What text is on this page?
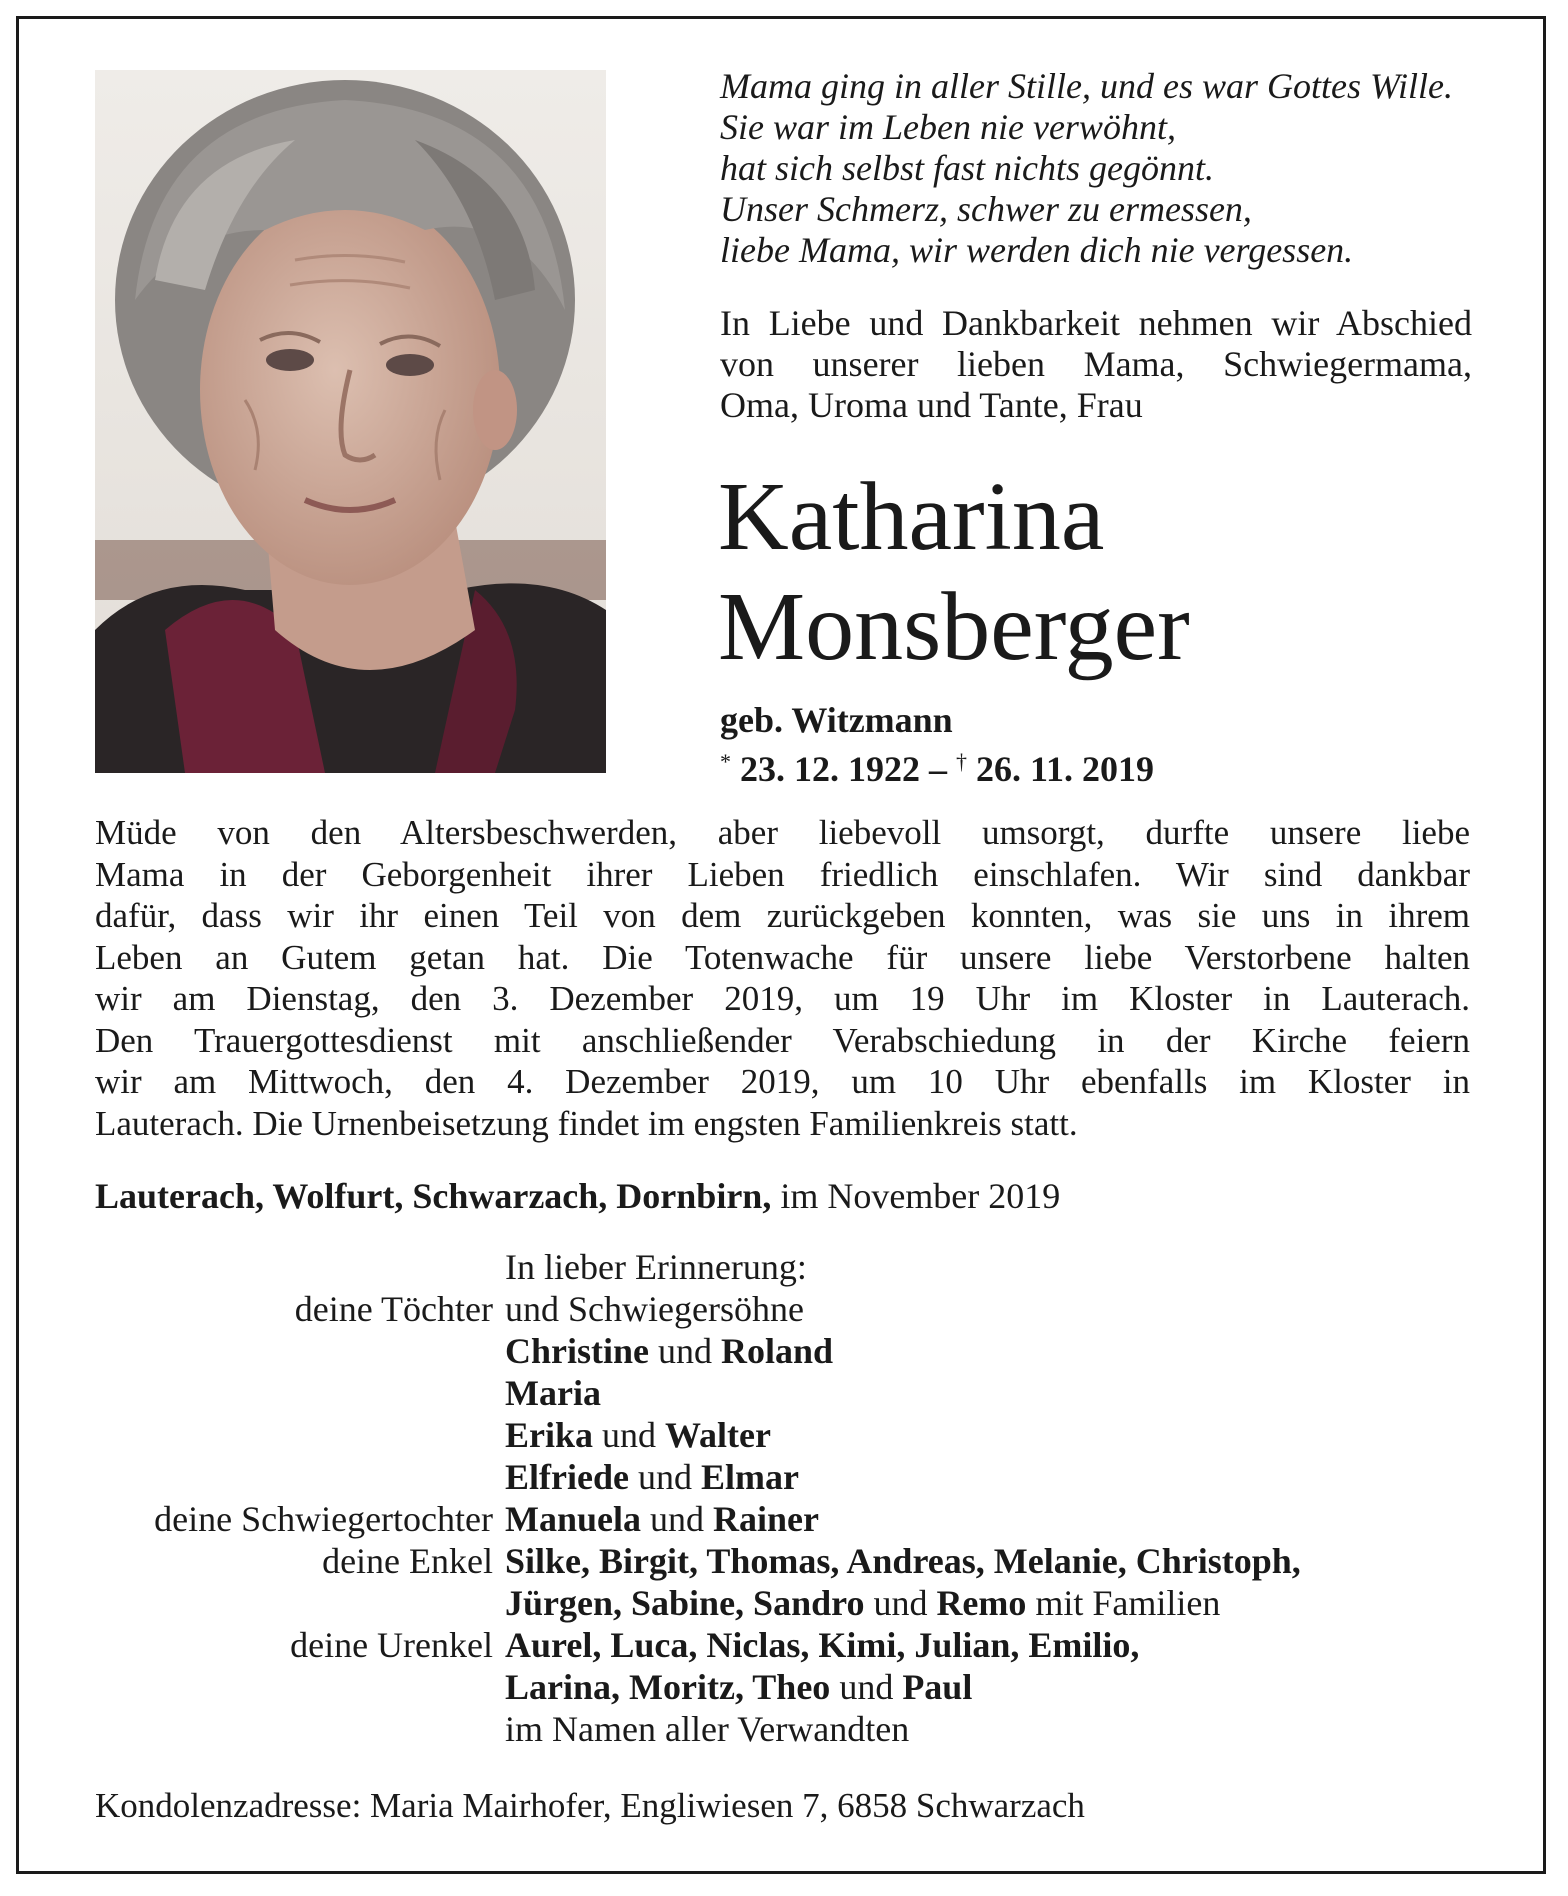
Mama ging in aller Stille, und es war Gottes Wille.
Sie war im Leben nie verwöhnt,
hat sich selbst fast nichts gegönnt.
Unser Schmerz, schwer zu ermessen,
liebe Mama, wir werden dich nie vergessen.
In Liebe und Dankbarkeit nehmen wir Abschied
von unserer lieben Mama, Schwiegermama,
Oma, Uroma und Tante, Frau
Katharina
Monsberger
geb. Witzmann
* 23. 12. 1922 – † 26. 11. 2019
Müde von den Altersbeschwerden, aber liebevoll umsorgt, durfte unsere liebe
Mama in der Geborgenheit ihrer Lieben friedlich einschlafen. Wir sind dankbar
dafür, dass wir ihr einen Teil von dem zurückgeben konnten, was sie uns in ihrem
Leben an Gutem getan hat. Die Totenwache für unsere liebe Verstorbene halten
wir am Dienstag, den 3. Dezember 2019, um 19 Uhr im Kloster in Lauterach.
Den Trauergottesdienst mit anschließender Verabschiedung in der Kirche feiern
wir am Mittwoch, den 4. Dezember 2019, um 10 Uhr ebenfalls im Kloster in
Lauterach. Die Urnenbeisetzung findet im engsten Familienkreis statt.
Lauterach, Wolfurt, Schwarzach, Dornbirn, im November 2019
In lieber Erinnerung:
deine Töchter und Schwiegersöhne
Christine und Roland
Maria
Erika und Walter
Elfriede und Elmar
deine Schwiegertochter Manuela und Rainer
deine Enkel Silke, Birgit, Thomas, Andreas, Melanie, Christoph,
Jürgen, Sabine, Sandro und Remo mit Familien
deine Urenkel Aurel, Luca, Niclas, Kimi, Julian, Emilio,
Larina, Moritz, Theo und Paul
im Namen aller Verwandten
Kondolenzadresse: Maria Mairhofer, Engliwiesen 7, 6858 Schwarzach
